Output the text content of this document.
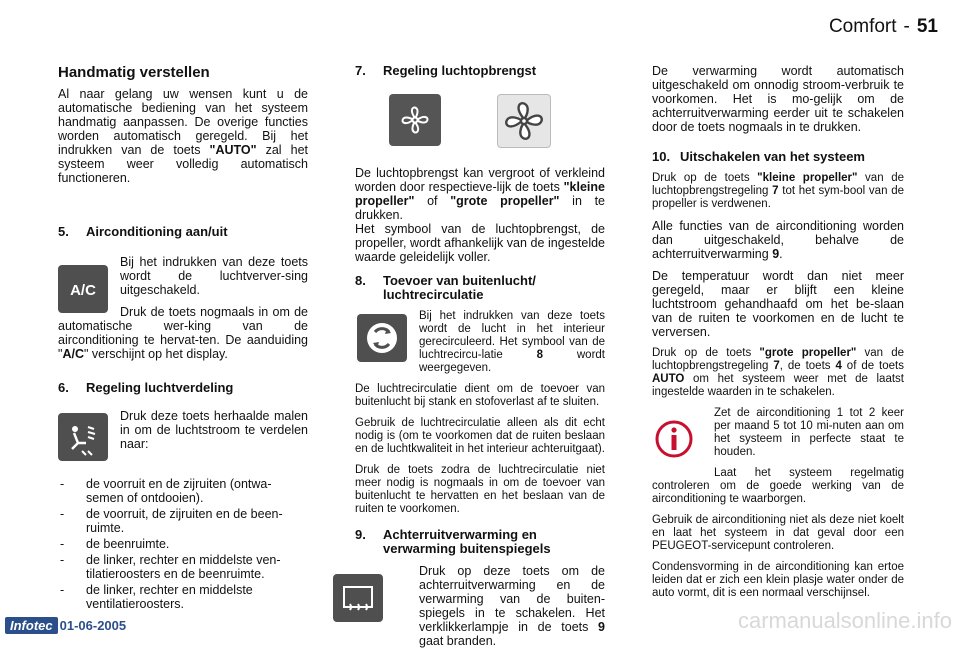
Comfort - 51
Handmatig verstellen

Al naar gelang uw wensen kunt u de automatische bediening van het systeem handmatig aanpassen. De overige functies worden automatisch geregeld. Bij het indrukken van de toets "AUTO" zal het systeem weer volledig automatisch functioneren.

5. Airconditioning aan/uit
A/C

Bij het indrukken van deze toets wordt de luchtverver-sing uitgeschakeld.

Druk de toets nogmaals in om de automatische wer-king van de airconditioning te hervat-ten. De aanduiding "A/C" verschijnt op het display.

6. Regeling luchtverdeling

Druk deze toets herhaalde malen in om de luchtstroom te verdelen naar:

- de voorruit en de zijruiten (ontwa-semen of ontdooien).
- de voorruit, de zijruiten en de been-ruimte.
- de beenruimte.
- de linker, rechter en middelste ven-tilatieroosters en de beenruimte.
- de linker, rechter en middelste ventilatieroosters.
7. Regeling luchtopbrengst

De luchtopbrengst kan vergroot of verkleind worden door respectieve-lijk de toets "kleine propeller" of "grote propeller" in te drukken.
Het symbool van de luchtopbrengst, de propeller, wordt afhankelijk van de ingestelde waarde geleidelijk voller.

8. Toevoer van buitenlucht/ luchtrecirculatie

Bij het indrukken van deze toets wordt de lucht in het interieur gerecirculeerd. Het symbool van de luchtrecircu-latie 8 wordt weergegeven.

De luchtrecirculatie dient om de toevoer van buitenlucht bij stank en stofoverlast af te sluiten.

Gebruik de luchtrecirculatie alleen als dit echt nodig is (om te voorkomen dat de ruiten beslaan en de luchtkwaliteit in het interieur achteruitgaat).

Druk de toets zodra de luchtrecirculatie niet meer nodig is nogmaals in om de toevoer van buitenlucht te hervatten en het beslaan van de ruiten te voorkomen.

9. Achterruitverwarming en verwarming buitenspiegels

Druk op deze toets om de achterruitverwarming en de verwarming van de buiten-spiegels in te schakelen. Het verklikkerlampje in de toets 9 gaat branden.

De verwarming wordt automatisch uitgeschakeld om onnodig stroom-verbruik te voorkomen. Het is mo-gelijk om de achterruitverwarming eerder uit te schakelen door de toets nogmaals in te drukken.

10. Uitschakelen van het systeem

Druk op de toets "kleine propeller" van de luchtopbrengstregeling 7 tot het sym-bool van de propeller is verdwenen.

Alle functies van de airconditioning worden dan uitgeschakeld, behalve de achterruitverwarming 9.

De temperatuur wordt dan niet meer geregeld, maar er blijft een kleine luchtstroom gehandhaafd om het be-slaan van de ruiten te voorkomen en de lucht te verversen.

Druk op de toets "grote propeller" van de luchtopbrengstregeling 7, de toets 4 of de toets AUTO om het systeem weer met de laatst ingestelde waarden in te schakelen.

Zet de airconditioning 1 tot 2 keer per maand 5 tot 10 mi-nuten aan om het systeem in perfecte staat te houden.

Laat het systeem regelmatig controleren om de goede werking van de airconditioning te waarborgen.

Gebruik de airconditioning niet als deze niet koelt en laat het systeem in dat geval door een PEUGEOT-servicepunt controleren.

Condensvorming in de airconditioning kan ertoe leiden dat er zich een klein plasje water onder de auto vormt, dit is een normaal verschijnsel.

Infotec 01-06-2005	carmanualsonline.info
